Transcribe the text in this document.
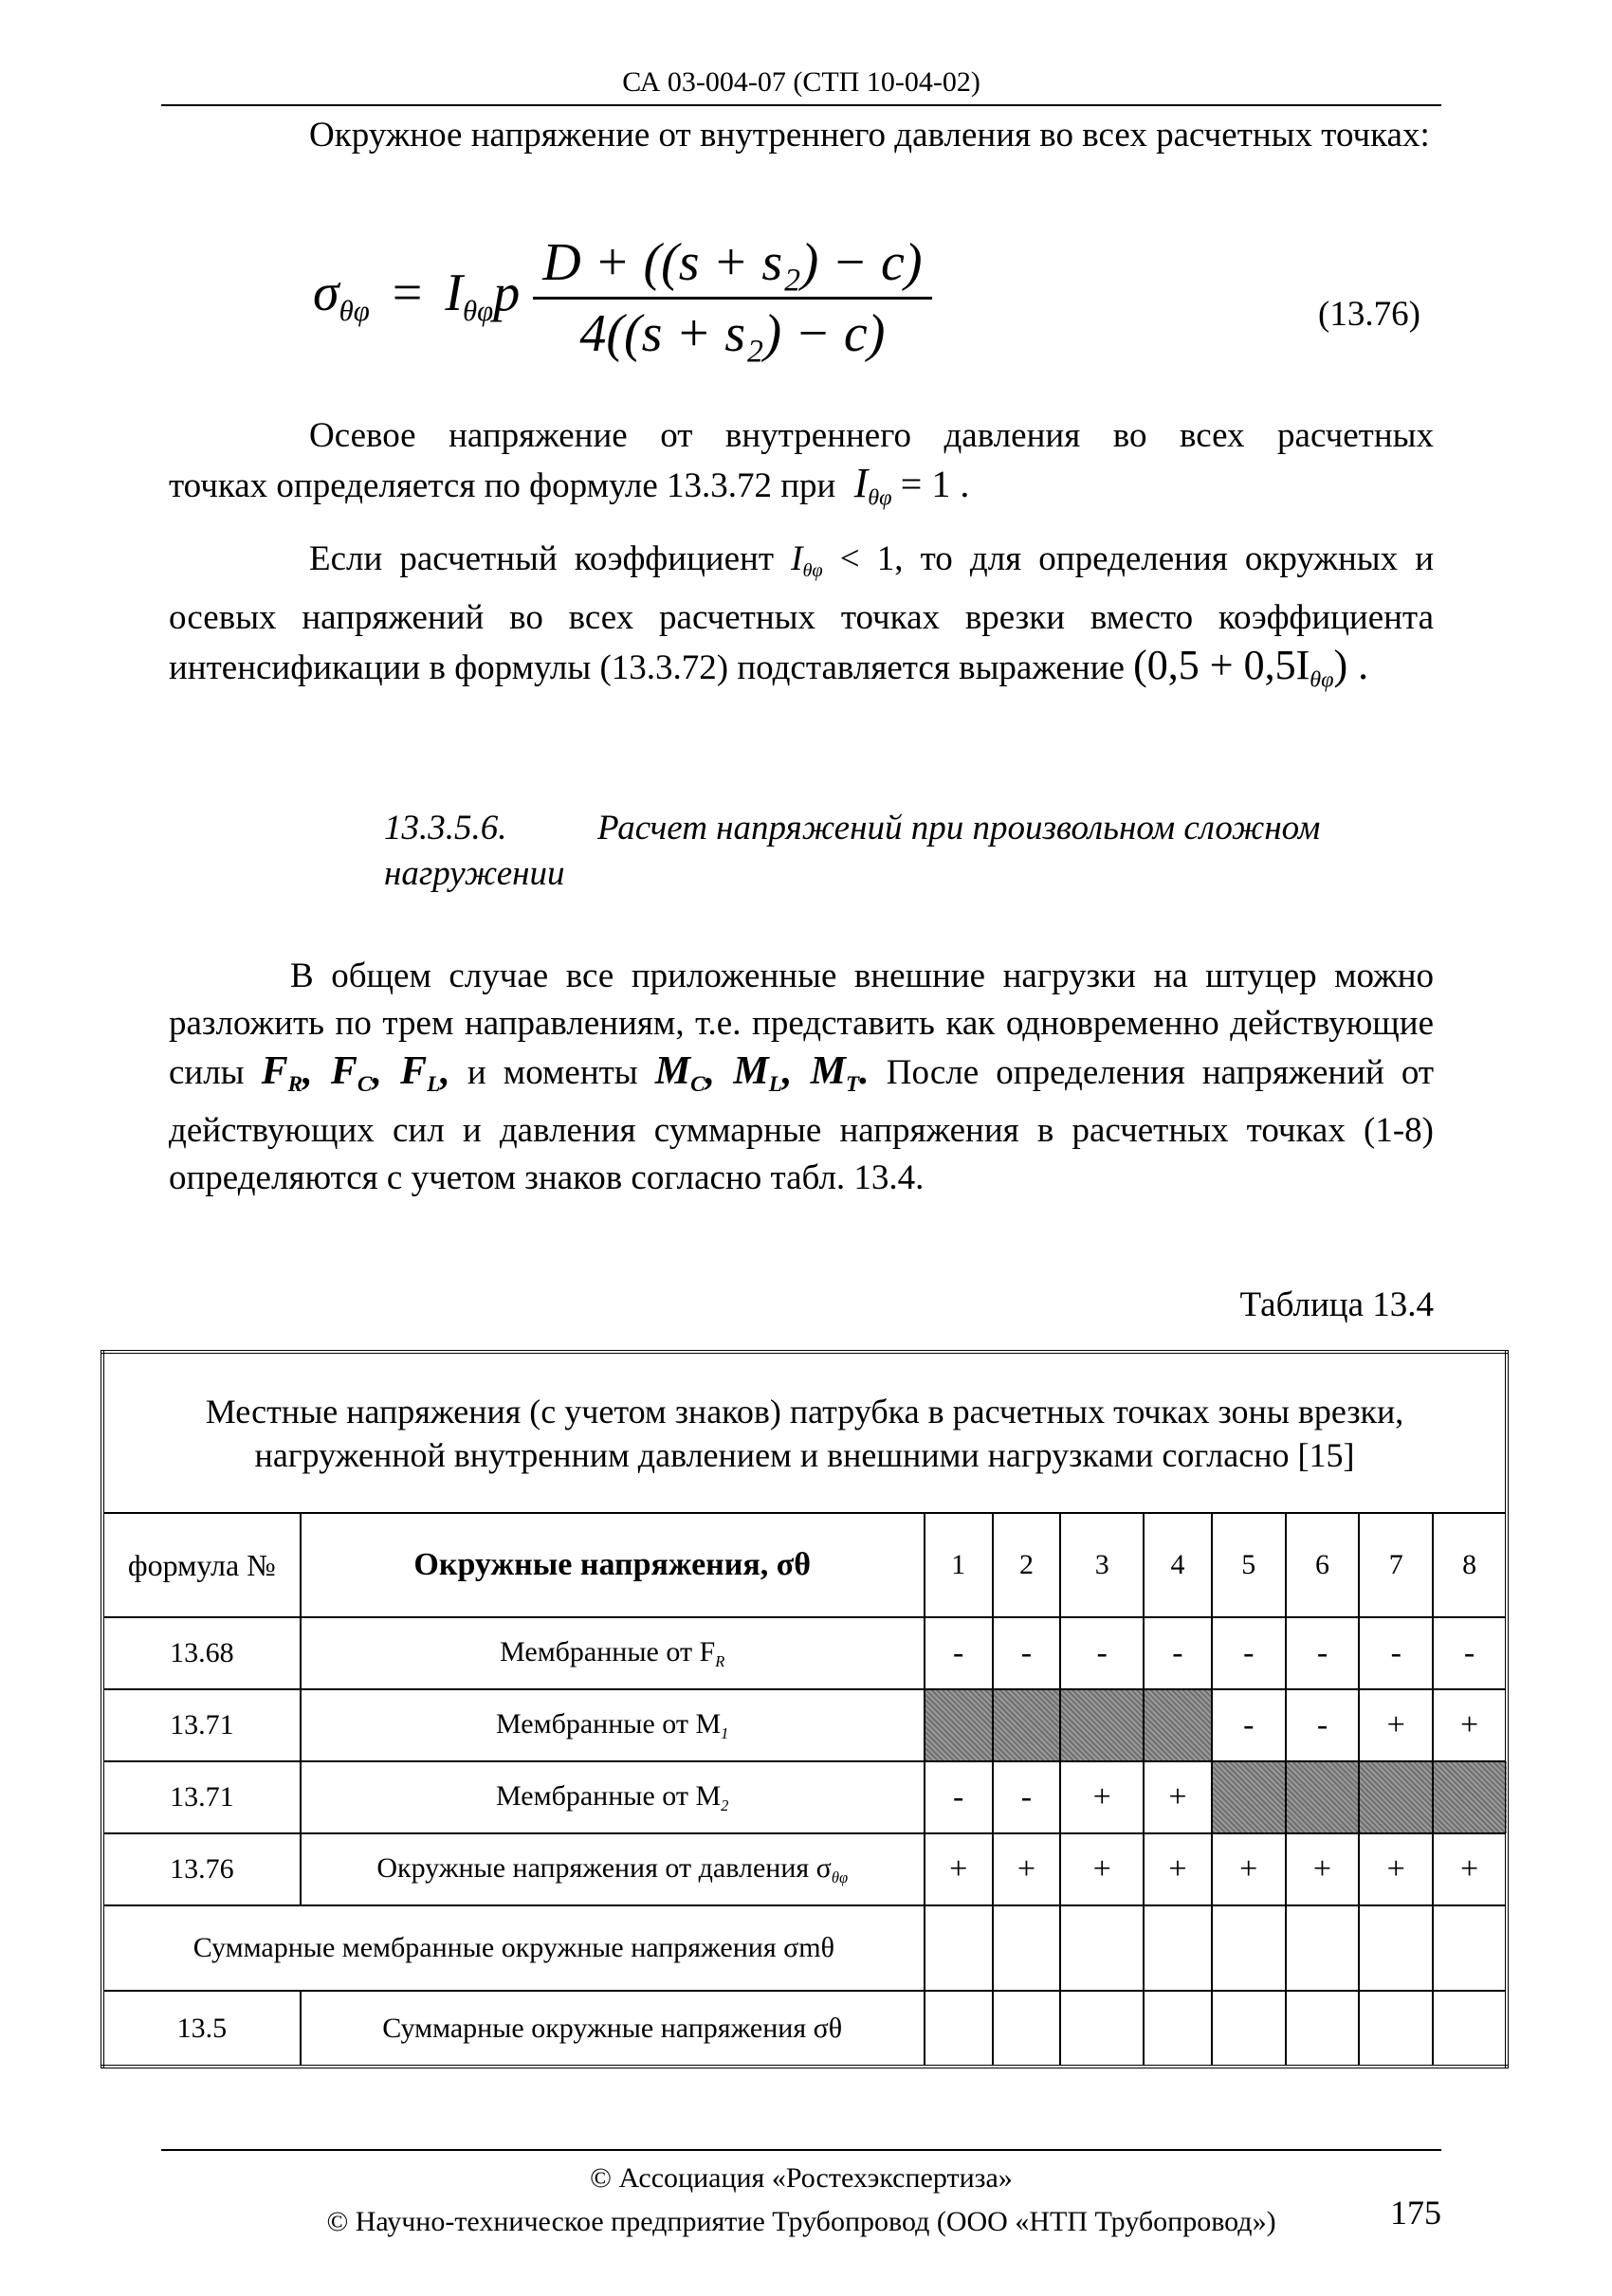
СА 03-004-07 (СТП 10-04-02)
Окружное напряжение от внутреннего давления во всех расчетных точках:
$\sigma_{\theta\varphi} = I_{\theta\varphi}p \frac{\text{D + ((s + s₂) − c)}}{\text{4((s + s₂) − c)}}$	(13.76)
Осевое напряжение от внутреннего давления во всех расчетных
точках определяется по формуле 13.3.72 при $I_{\theta\varphi} = 1$ .
Если расчетный коэффициент $I_{\theta\varphi} < 1$, то для определения окружных и осевых напряжений во всех расчетных точках врезки вместо коэффициента интенсификации в формулы (13.3.72) подставляется выражение $(0,5 + 0,5I_{\theta\varphi})$ .
13.3.5.6.	Расчет напряжений при произвольном сложном нагружении
В общем случае все приложенные внешние нагрузки на штуцер можно разложить по трем направлениям, т.е. представить как одновременно действующие силы $F_R$, $F_C$, $F_L$, и моменты $M_C$, $M_L$, $M_T$. После определения напряжений от действующих сил и давления суммарные напряжения в расчетных точках (1-8) определяются с учетом знаков согласно табл. 13.4.
Таблица 13.4
Местные напряжения (с учетом знаков) патрубка в расчетных точках зоны врезки, нагруженной внутренним давлением и внешними нагрузками согласно [15]									
формула №	Окружные напряжения, σθ	1	2	3	4	5	6	7	8
13.68	Мембранные от $F_R$	-	-	-	-	-	-	-	-
13.71	Мембранные от $M_1$					-	-	+	+
13.71	Мембранные от $M_2$	-	-	+	+				
13.76	Окружные напряжения от давления $\sigma_{\theta\varphi}$	+	+	+	+	+	+	+	+
Суммарные мембранные окружные напряжения σmθ									
13.5	Суммарные окружные напряжения σθ								
© Ассоциация «Ростехэкспертиза»
© Научно-техническое предприятие Трубопровод (ООО «НТП Трубопровод»)	175
